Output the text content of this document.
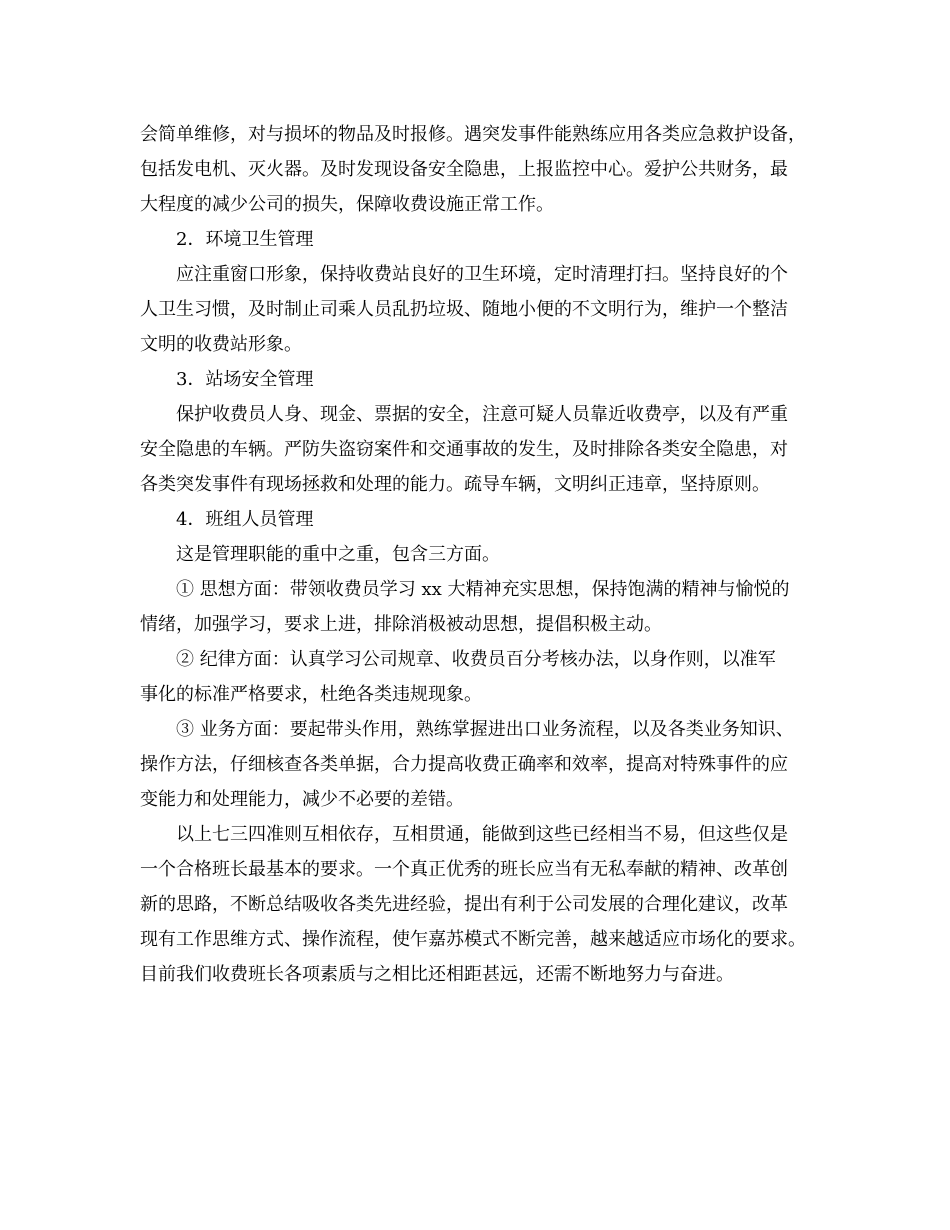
会简单维修，对与损坏的物品及时报修。遇突发事件能熟练应用各类应急救护设备，
包括发电机、灭火器。及时发现设备安全隐患，上报监控中心。爱护公共财务，最
大程度的减少公司的损失，保障收费设施正常工作。
2．环境卫生管理
应注重窗口形象，保持收费站良好的卫生环境，定时清理打扫。坚持良好的个
人卫生习惯，及时制止司乘人员乱扔垃圾、随地小便的不文明行为，维护一个整洁
文明的收费站形象。
3．站场安全管理
保护收费员人身、现金、票据的安全，注意可疑人员靠近收费亭，以及有严重
安全隐患的车辆。严防失盗窃案件和交通事故的发生，及时排除各类安全隐患，对
各类突发事件有现场拯救和处理的能力。疏导车辆，文明纠正违章，坚持原则。
4．班组人员管理
这是管理职能的重中之重，包含三方面。
① 思想方面：带领收费员学习 xx 大精神充实思想，保持饱满的精神与愉悦的
情绪，加强学习，要求上进，排除消极被动思想，提倡积极主动。
② 纪律方面：认真学习公司规章、收费员百分考核办法，以身作则，以准军
事化的标准严格要求，杜绝各类违规现象。
③ 业务方面：要起带头作用，熟练掌握进出口业务流程，以及各类业务知识、
操作方法，仔细核查各类单据，合力提高收费正确率和效率，提高对特殊事件的应
变能力和处理能力，减少不必要的差错。
以上七三四准则互相依存，互相贯通，能做到这些已经相当不易，但这些仅是
一个合格班长最基本的要求。一个真正优秀的班长应当有无私奉献的精神、改革创
新的思路，不断总结吸收各类先进经验，提出有利于公司发展的合理化建议，改革
现有工作思维方式、操作流程，使乍嘉苏模式不断完善，越来越适应市场化的要求。
目前我们收费班长各项素质与之相比还相距甚远，还需不断地努力与奋进。
